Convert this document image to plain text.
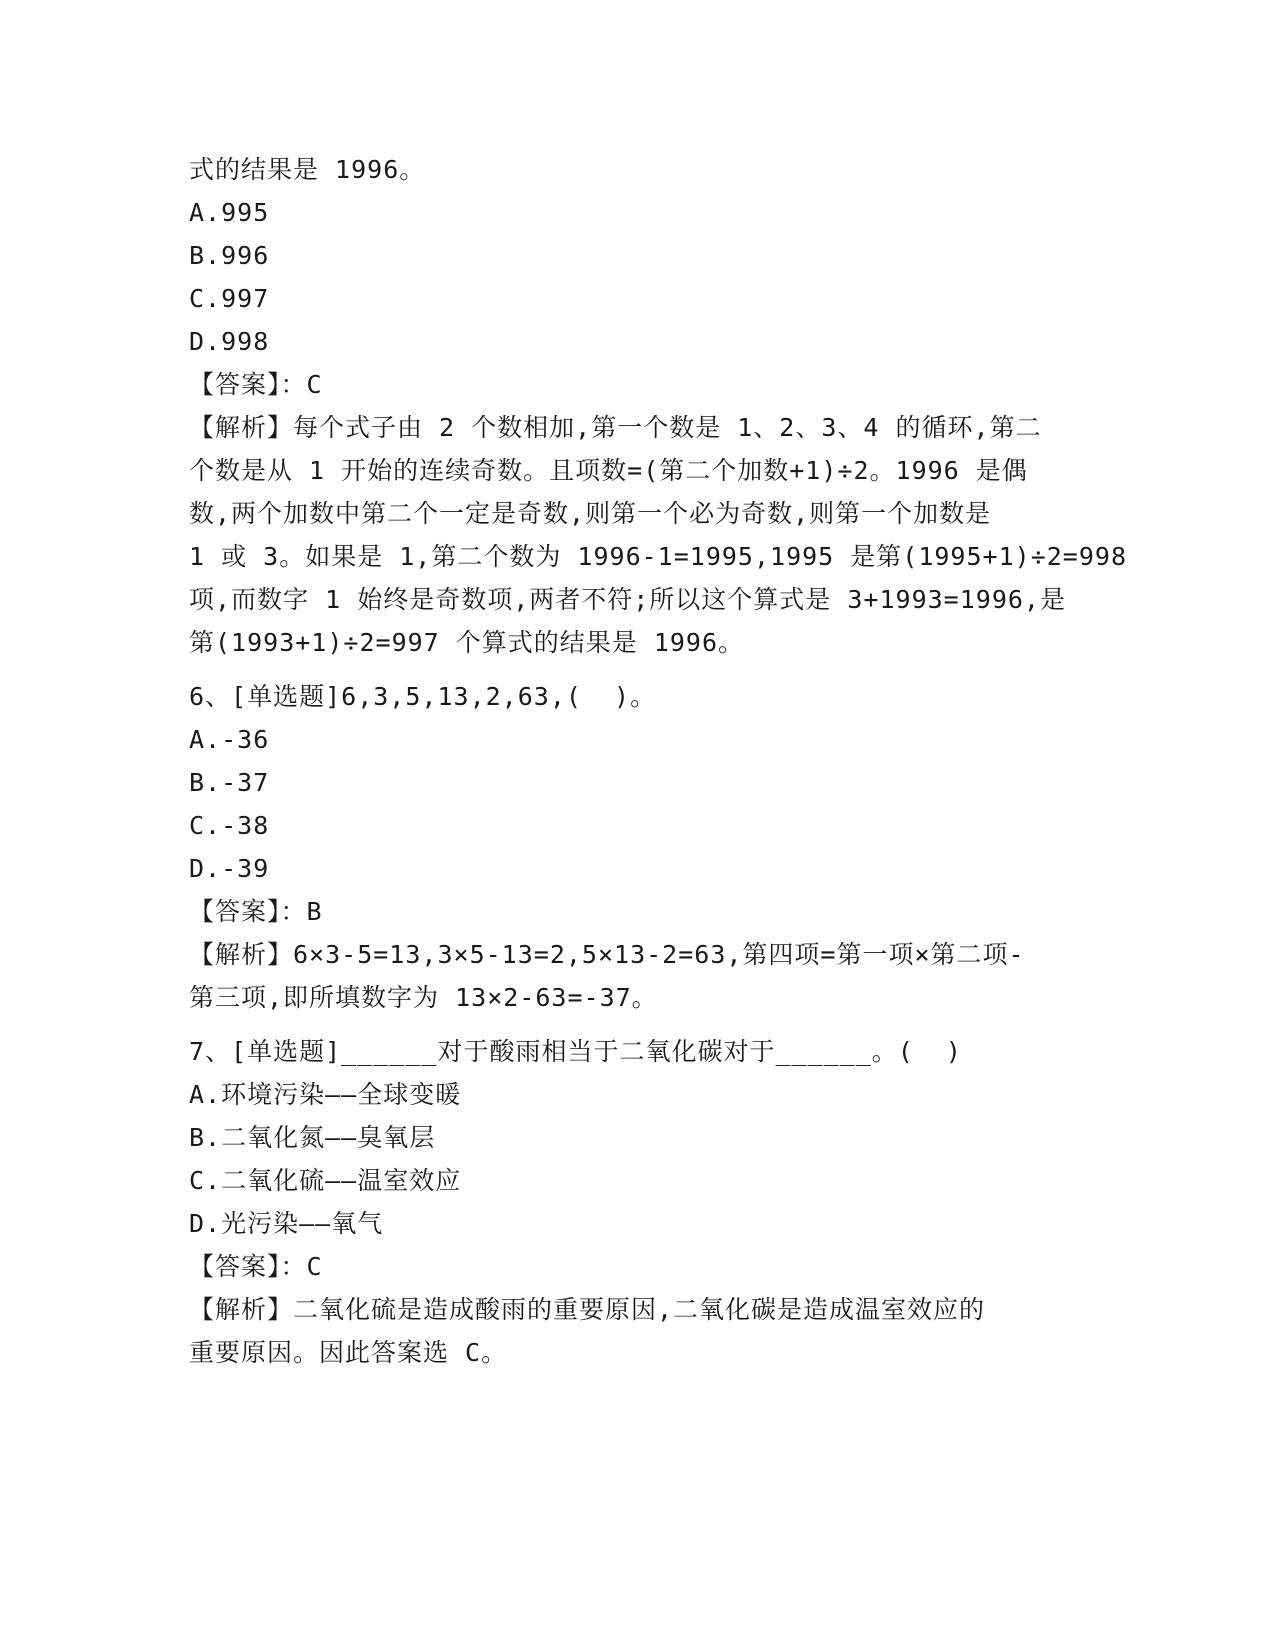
式的结果是 1996。
A.995
B.996
C.997
D.998
【答案】：C
【解析】每个式子由 2 个数相加,第一个数是 1、2、3、4 的循环,第二
个数是从 1 开始的连续奇数。且项数=(第二个加数+1)÷2。1996 是偶
数,两个加数中第二个一定是奇数,则第一个必为奇数,则第一个加数是
1 或 3。如果是 1,第二个数为 1996-1=1995,1995 是第(1995+1)÷2=998
项,而数字 1 始终是奇数项,两者不符;所以这个算式是 3+1993=1996,是
第(1993+1)÷2=997 个算式的结果是 1996。
6、[单选题]6,3,5,13,2,63,(  )。
A.-36
B.-37
C.-38
D.-39
【答案】：B
【解析】6×3-5=13,3×5-13=2,5×13-2=63,第四项=第一项×第二项-
第三项,即所填数字为 13×2-63=-37。
7、[单选题]______对于酸雨相当于二氧化碳对于______。(  )
A.环境污染——全球变暖
B.二氧化氮——臭氧层
C.二氧化硫——温室效应
D.光污染——氧气
【答案】：C
【解析】二氧化硫是造成酸雨的重要原因,二氧化碳是造成温室效应的
重要原因。因此答案选 C。
